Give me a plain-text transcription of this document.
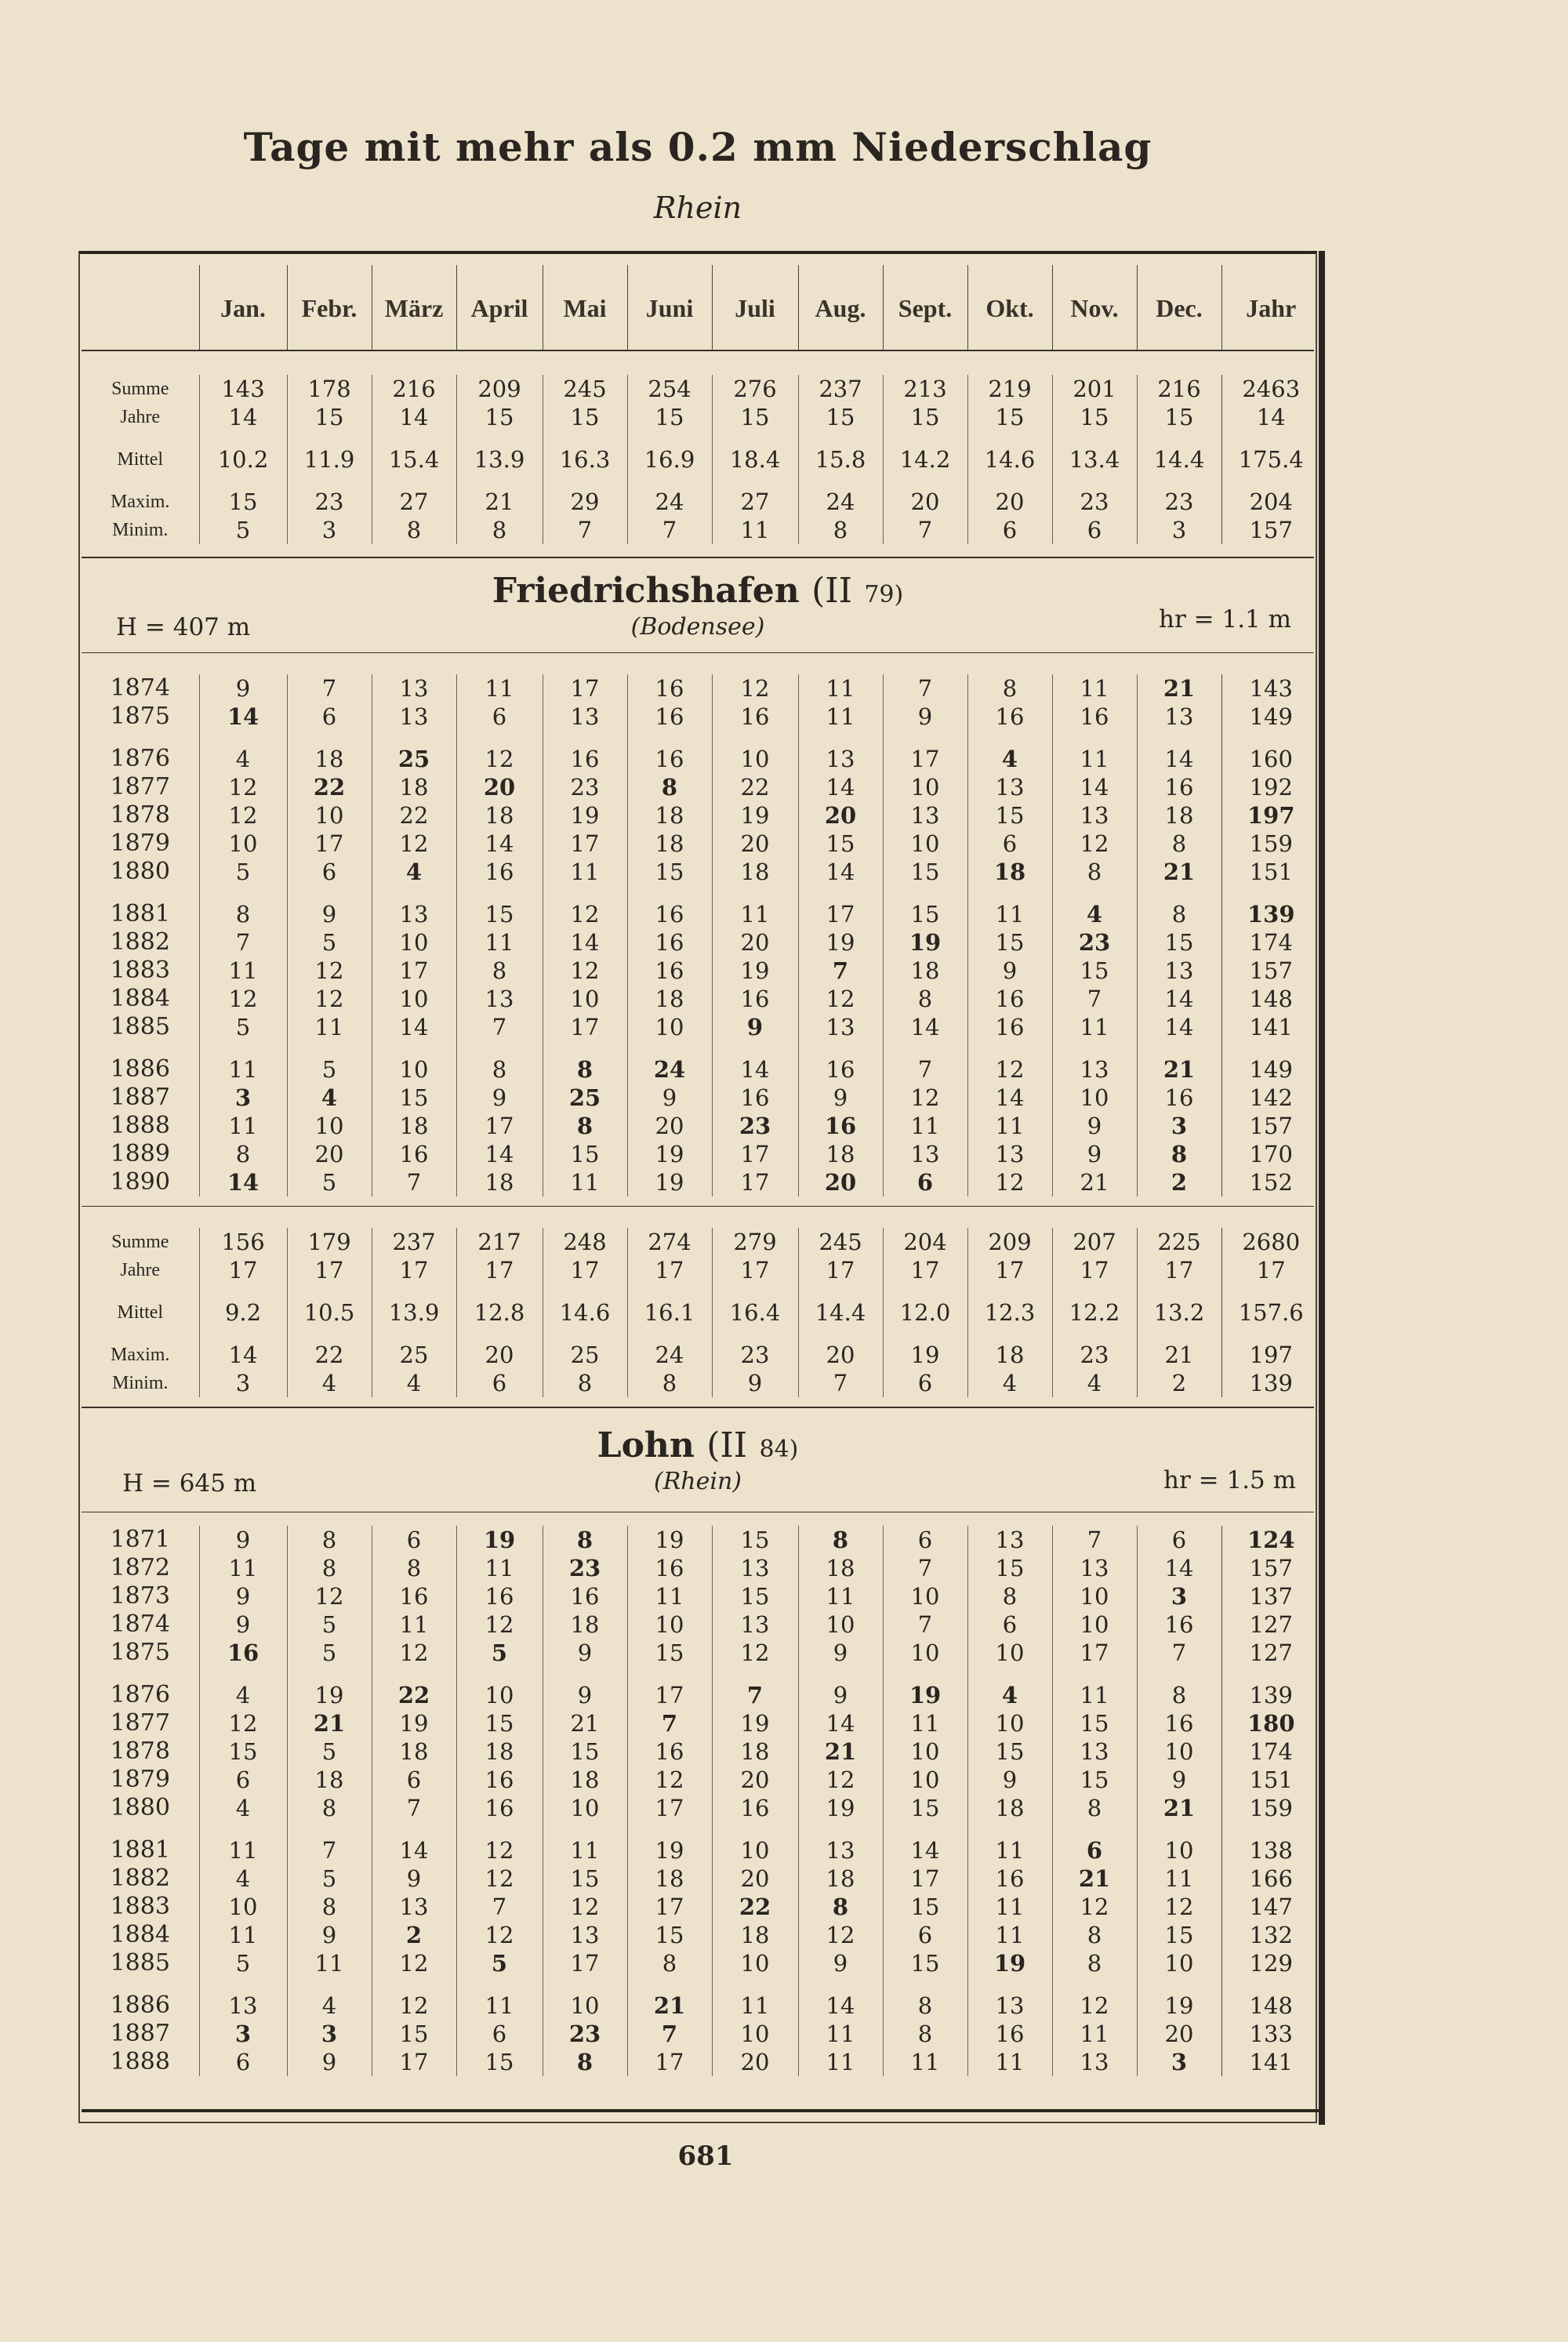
Tage mit mehr als 0.2 mm Niederschlag
Rhein
	Jan.	Febr.	März	April	Mai	Juni	Juli	Aug.	Sept.	Okt.	Nov.	Dec.	Jahr
Summe	143	178	216	209	245	254	276	237	213	219	201	216	2463
Jahre	14	15	14	15	15	15	15	15	15	15	15	15	14

Mittel	10.2	11.9	15.4	13.9	16.3	16.9	18.4	15.8	14.2	14.6	13.4	14.4	175.4

Maxim.	15	23	27	21	29	24	27	24	20	20	23	23	204
Minim.	5	3	8	8	7	7	11	8	7	6	6	3	157
Friedrichshafen (II 79)
(Bodensee)
H = 407 m	hr = 1.1 m
1874	9	7	13	11	17	16	12	11	7	8	11	21	143
1875	14	6	13	6	13	16	16	11	9	16	16	13	149

1876	4	18	25	12	16	16	10	13	17	4	11	14	160
1877	12	22	18	20	23	8	22	14	10	13	14	16	192
1878	12	10	22	18	19	18	19	20	13	15	13	18	197
1879	10	17	12	14	17	18	20	15	10	6	12	8	159
1880	5	6	4	16	11	15	18	14	15	18	8	21	151

1881	8	9	13	15	12	16	11	17	15	11	4	8	139
1882	7	5	10	11	14	16	20	19	19	15	23	15	174
1883	11	12	17	8	12	16	19	7	18	9	15	13	157
1884	12	12	10	13	10	18	16	12	8	16	7	14	148
1885	5	11	14	7	17	10	9	13	14	16	11	14	141

1886	11	5	10	8	8	24	14	16	7	12	13	21	149
1887	3	4	15	9	25	9	16	9	12	14	10	16	142
1888	11	10	18	17	8	20	23	16	11	11	9	3	157
1889	8	20	16	14	15	19	17	18	13	13	9	8	170
1890	14	5	7	18	11	19	17	20	6	12	21	2	152
Summe	156	179	237	217	248	274	279	245	204	209	207	225	2680
Jahre	17	17	17	17	17	17	17	17	17	17	17	17	17

Mittel	9.2	10.5	13.9	12.8	14.6	16.1	16.4	14.4	12.0	12.3	12.2	13.2	157.6

Maxim.	14	22	25	20	25	24	23	20	19	18	23	21	197
Minim.	3	4	4	6	8	8	9	7	6	4	4	2	139
Lohn (II 84)
(Rhein)
H = 645 m	hr = 1.5 m
1871	9	8	6	19	8	19	15	8	6	13	7	6	124
1872	11	8	8	11	23	16	13	18	7	15	13	14	157
1873	9	12	16	16	16	11	15	11	10	8	10	3	137
1874	9	5	11	12	18	10	13	10	7	6	10	16	127
1875	16	5	12	5	9	15	12	9	10	10	17	7	127

1876	4	19	22	10	9	17	7	9	19	4	11	8	139
1877	12	21	19	15	21	7	19	14	11	10	15	16	180
1878	15	5	18	18	15	16	18	21	10	15	13	10	174
1879	6	18	6	16	18	12	20	12	10	9	15	9	151
1880	4	8	7	16	10	17	16	19	15	18	8	21	159

1881	11	7	14	12	11	19	10	13	14	11	6	10	138
1882	4	5	9	12	15	18	20	18	17	16	21	11	166
1883	10	8	13	7	12	17	22	8	15	11	12	12	147
1884	11	9	2	12	13	15	18	12	6	11	8	15	132
1885	5	11	12	5	17	8	10	9	15	19	8	10	129

1886	13	4	12	11	10	21	11	14	8	13	12	19	148
1887	3	3	15	6	23	7	10	11	8	16	11	20	133
1888	6	9	17	15	8	17	20	11	11	11	13	3	141
681
